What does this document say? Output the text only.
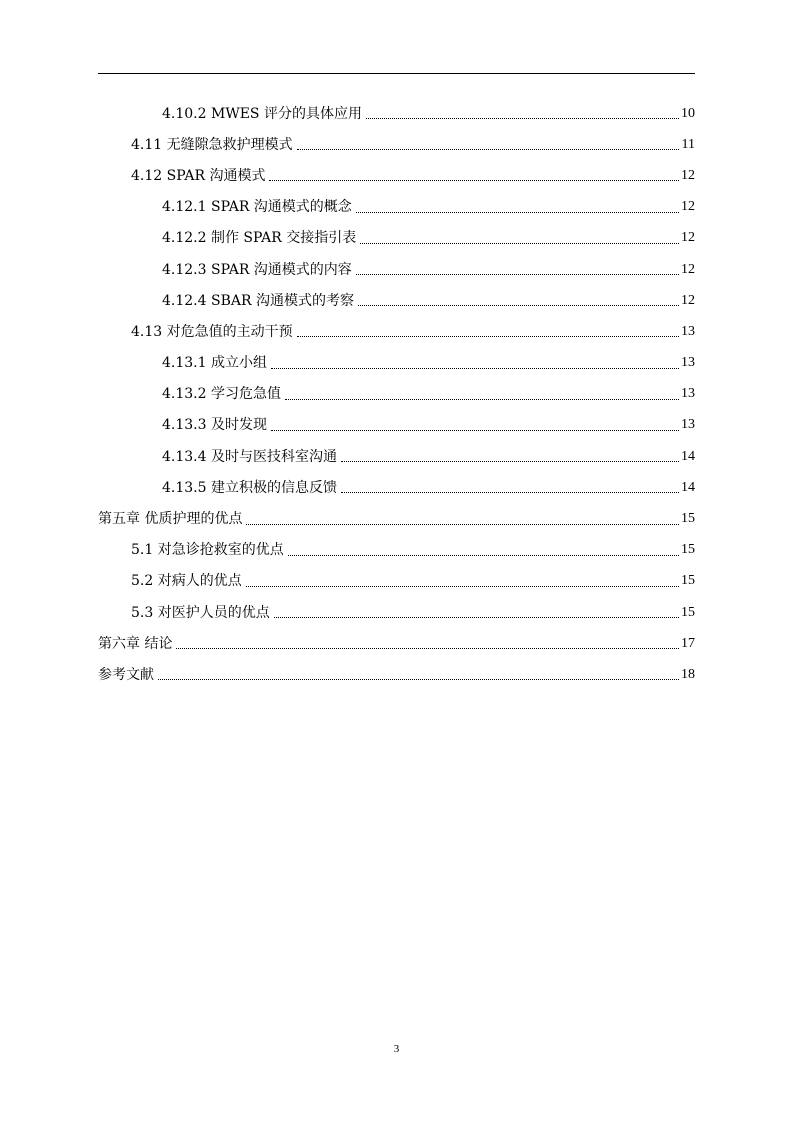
4.10.2 MWES 评分的具体应用	10
4.11 无缝隙急救护理模式	11
4.12 SPAR 沟通模式	12
4.12.1 SPAR 沟通模式的概念	12
4.12.2 制作 SPAR 交接指引表	12
4.12.3 SPAR 沟通模式的内容	12
4.12.4 SBAR 沟通模式的考察	12
4.13 对危急值的主动干预	13
4.13.1 成立小组	13
4.13.2 学习危急值	13
4.13.3 及时发现	13
4.13.4 及时与医技科室沟通	14
4.13.5 建立积极的信息反馈	14
第五章 优质护理的优点	15
5.1 对急诊抢救室的优点	15
5.2 对病人的优点	15
5.3 对医护人员的优点	15
第六章 结论	17
参考文献	18
3
